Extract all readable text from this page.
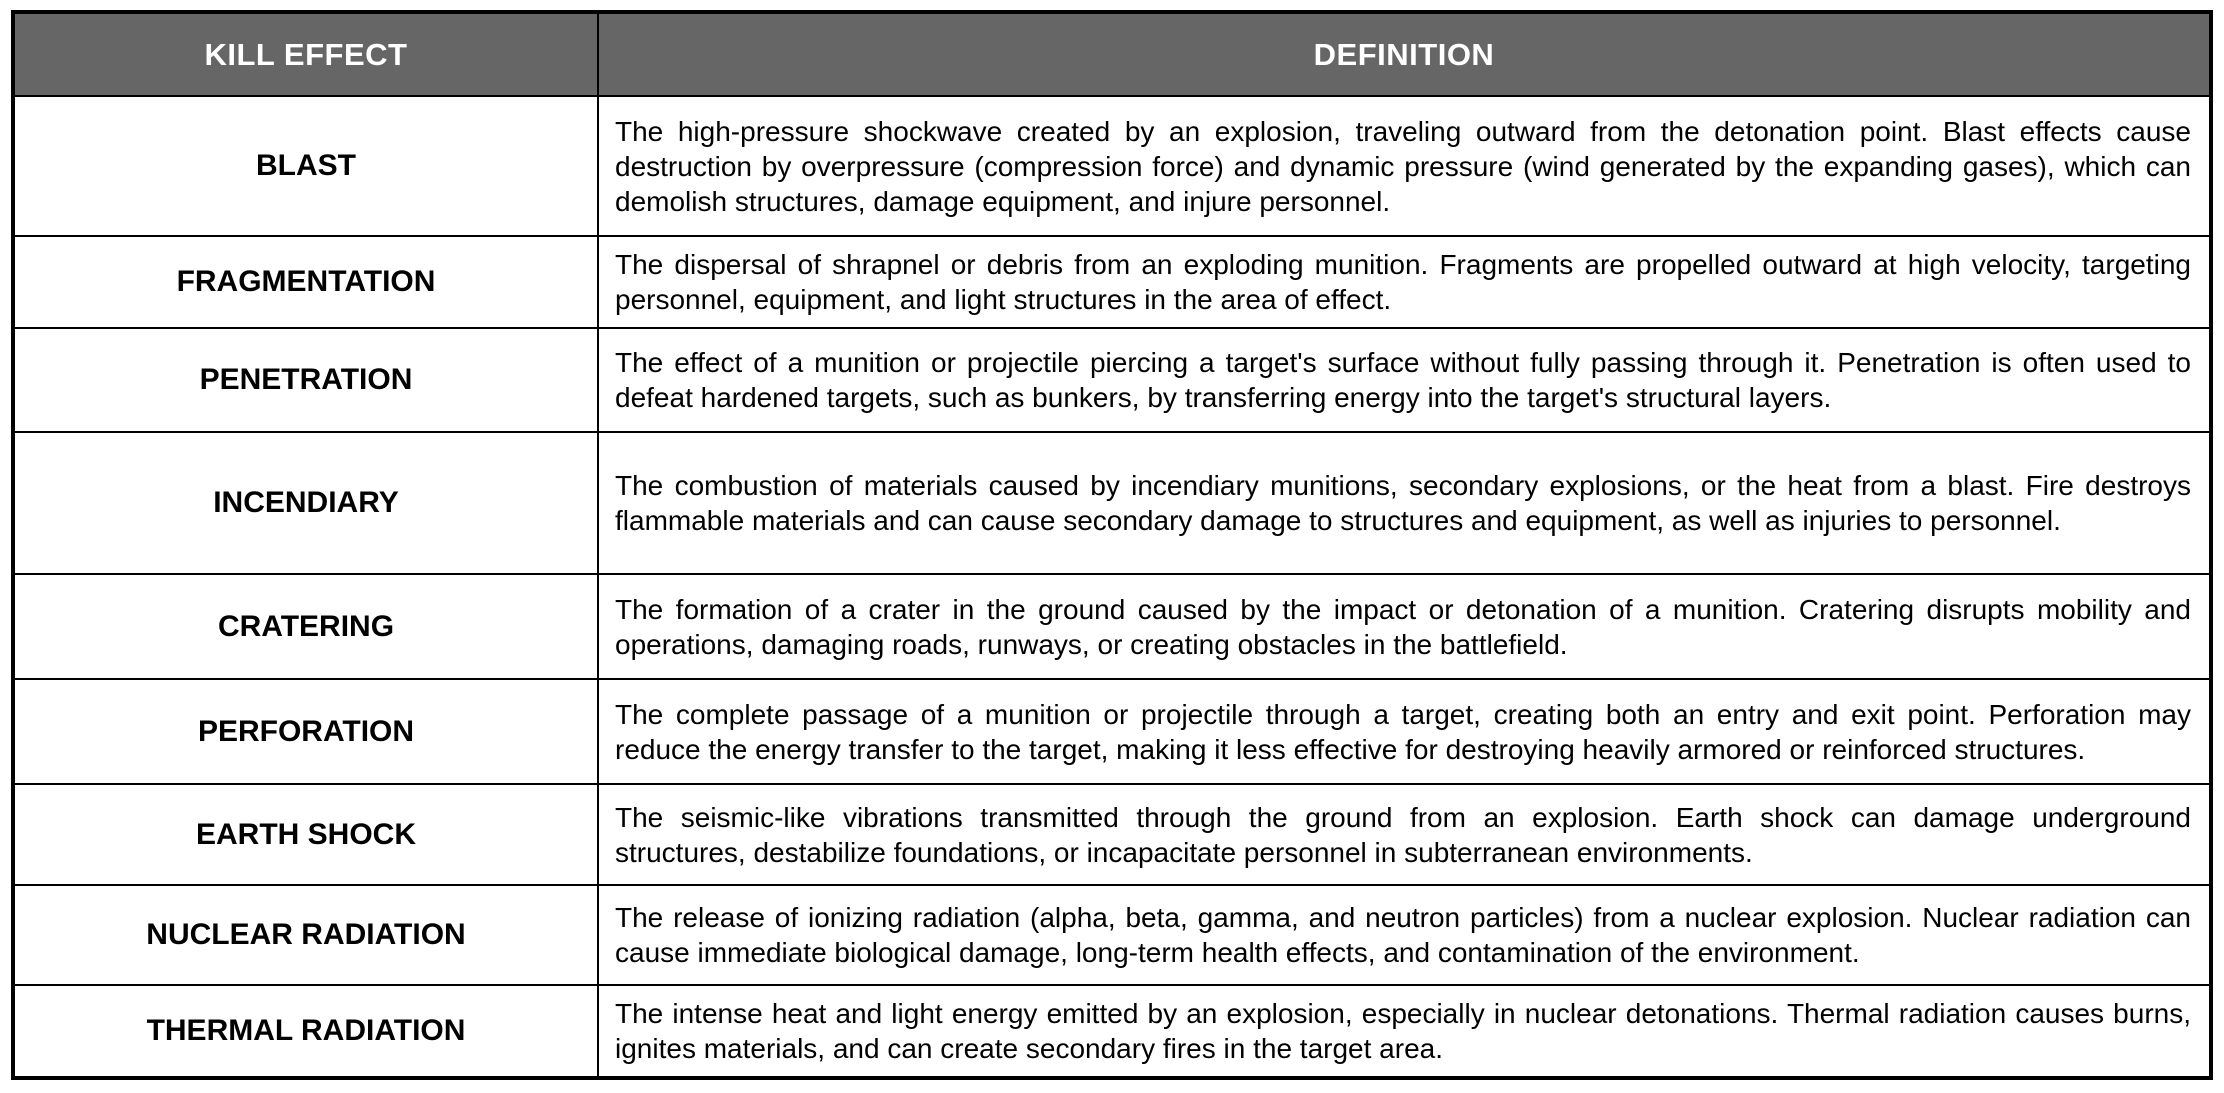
KILL EFFECT	DEFINITION
BLAST	The high-pressure shockwave created by an explosion, traveling outward from the detonation point. Blast effects cause destruction by overpressure (compression force) and dynamic pressure (wind generated by the expanding gases), which can demolish structures, damage equipment, and injure personnel.
FRAGMENTATION	The dispersal of shrapnel or debris from an exploding munition. Fragments are propelled outward at high velocity, targeting personnel, equipment, and light structures in the area of effect.
PENETRATION	The effect of a munition or projectile piercing a target's surface without fully passing through it. Penetration is often used to defeat hardened targets, such as bunkers, by transferring energy into the target's structural layers.
INCENDIARY	The combustion of materials caused by incendiary munitions, secondary explosions, or the heat from a blast. Fire destroys flammable materials and can cause secondary damage to structures and equipment, as well as injuries to personnel.
CRATERING	The formation of a crater in the ground caused by the impact or detonation of a munition. Cratering disrupts mobility and operations, damaging roads, runways, or creating obstacles in the battlefield.
PERFORATION	The complete passage of a munition or projectile through a target, creating both an entry and exit point. Perforation may reduce the energy transfer to the target, making it less effective for destroying heavily armored or reinforced structures.
EARTH SHOCK	The seismic-like vibrations transmitted through the ground from an explosion. Earth shock can damage underground structures, destabilize foundations, or incapacitate personnel in subterranean environments.
NUCLEAR RADIATION	The release of ionizing radiation (alpha, beta, gamma, and neutron particles) from a nuclear explosion. Nuclear radiation can cause immediate biological damage, long-term health effects, and contamination of the environment.
THERMAL RADIATION	The intense heat and light energy emitted by an explosion, especially in nuclear detonations. Thermal radiation causes burns, ignites materials, and can create secondary fires in the target area.
